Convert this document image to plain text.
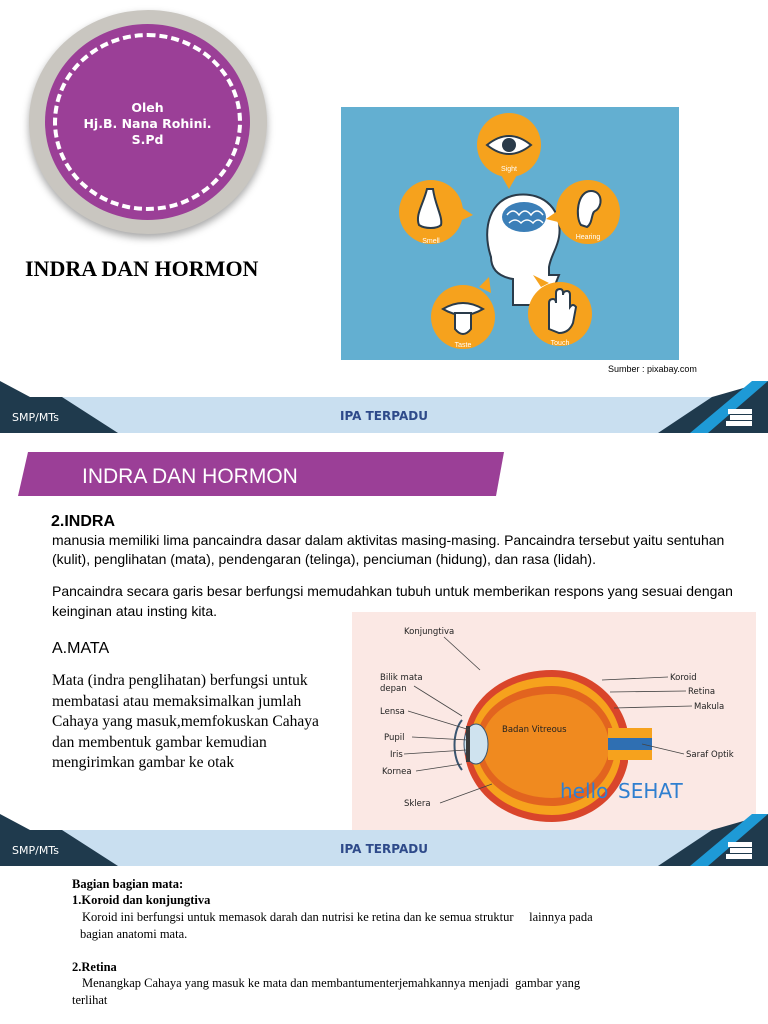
Oleh
Hj.B. Nana Rohini.
S.Pd
INDRA DAN HORMON
Sight
Hearing
Smell
Taste	Touch
Sumber : pixabay.com
SMP/MTs	IPA TERPADU
INDRA DAN HORMON
2.INDRA
manusia memiliki lima pancaindra dasar dalam aktivitas masing-masing. Pancaindra tersebut yaitu sentuhan (kulit), penglihatan (mata), pendengaran (telinga), penciuman (hidung), dan rasa (lidah).
Pancaindra secara garis besar berfungsi memudahkan tubuh untuk memberikan respons yang sesuai dengan keinginan atau insting kita.
A.MATA
Mata (indra penglihatan) berfungsi untuk membatasi atau memaksimalkan jumlah Cahaya yang masuk,memfokuskan Cahaya dan membentuk gambar kemudian mengirimkan gambar ke otak
Konjungtiva
Bilik mata
depan
Lensa
Pupil
Iris
Kornea
Sklera
Koroid
Retina
Makula
Saraf Optik
Badan Vitreous
hello SEHAT
SMP/MTs	IPA TERPADU
Bagian bagian mata:
1.Koroid dan konjungtiva
Koroid ini berfungsi untuk memasok darah dan nutrisi ke retina dan ke semua struktur     lainnya pada
bagian anatomi mata.
2.Retina
Menangkap Cahaya yang masuk ke mata dan membantumenterjemahkannya menjadi  gambar yang
terlihat
